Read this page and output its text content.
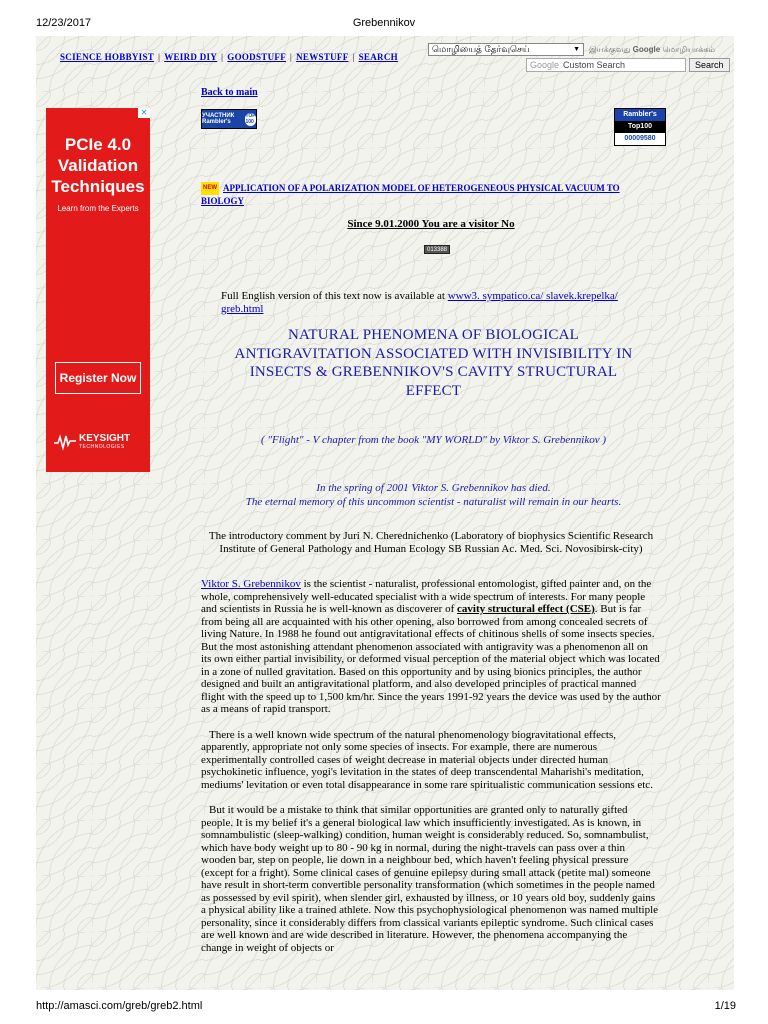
12/23/2017	Grebennikov
SCIENCE HOBBYIST | WEIRD DIY | GOODSTUFF | NEWSTUFF | SEARCH
மொழியைத் தேர்வுசெய்	▼ இயக்குவது Google மொழியாக்கம்
Google Custom Search	Search
✕
PCIe 4.0
Validation
Techniques
Learn from the Experts
Register Now
KEYSIGHT
TECHNOLOGIES
Back to main
УЧАСТНИК Rambler's
TOP 100
Rambler's
Top100
00009580
NEW APPLICATION OF A POLARIZATION MODEL OF HETEROGENEOUS PHYSICAL VACUUM TO BIOLOGY
Since 9.01.2000 You are a visitor No
013388
Full English version of this text now is available at www3. sympatico.ca/ slavek.krepelka/ greb.html
NATURAL PHENOMENA OF BIOLOGICAL
ANTIGRAVITATION ASSOCIATED WITH INVISIBILITY IN
INSECTS & GREBENNIKOV'S CAVITY STRUCTURAL
EFFECT
( "Flight" - V chapter from the book "MY WORLD" by Viktor S. Grebennikov )
In the spring of 2001 Viktor S. Grebennikov has died.
The eternal memory of this uncommon scientist - naturalist will remain in our hearts.
The introductory comment by Juri N. Cherednichenko (Laboratory of biophysics Scientific Research Institute of General Pathology and Human Ecology SB Russian Ac. Med. Sci. Novosibirsk-city)

Viktor S. Grebennikov is the scientist - naturalist, professional entomologist, gifted painter and, on the whole, comprehensively well-educated specialist with a wide spectrum of interests. For many people and scientists in Russia he is well-known as discoverer of cavity structural effect (CSE). But is far from being all are acquainted with his other opening, also borrowed from among concealed secrets of living Nature. In 1988 he found out antigravitational effects of chitinous shells of some insects species. But the most astonishing attendant phenomenon associated with antigravity was a phenomenon all on its own either partial invisibility, or deformed visual perception of the material object which was located in a zone of nulled gravitation. Based on this opportunity and by using bionics principles, the author designed and built an antigravitational platform, and also developed principles of practical manned flight with the speed up to 1,500 km/hr. Since the years 1991-92 years the device was used by the author as a means of rapid transport.

There is a well known wide spectrum of the natural phenomenology biogravitational effects, apparently, appropriate not only some species of insects. For example, there are numerous experimentally controlled cases of weight decrease in material objects under directed human psychokinetic influence, yogi's levitation in the states of deep transcendental Maharishi's meditation, mediums' levitation or even total disappearance in some rare spiritualistic communication sessions etc.

But it would be a mistake to think that similar opportunities are granted only to naturally gifted people. It is my belief it's a general biological law which insufficiently investigated. As is known, in somnambulistic (sleep-walking) condition, human weight is considerably reduced. So, somnambulist, which have body weight up to 80 - 90 kg in normal, during the night-travels can pass over a thin wooden bar, step on people, lie down in a neighbour bed, which haven't feeling physical pressure (except for a fright). Some clinical cases of genuine epilepsy during small attack (petite mal) someone have result in short-term convertible personality transformation (which sometimes in the people named as possessed by evil spirit), when slender girl, exhausted by illness, or 10 years old boy, suddenly gains a physical ability like a trained athlete. Now this psychophysiological phenomenon was named multiple personality, since it considerably differs from classical variants epileptic syndrome. Such clinical cases are well known and are wide described in literature. However, the phenomena accompanying the change in weight of objects or

http://amasci.com/greb/greb2.html	1/19
